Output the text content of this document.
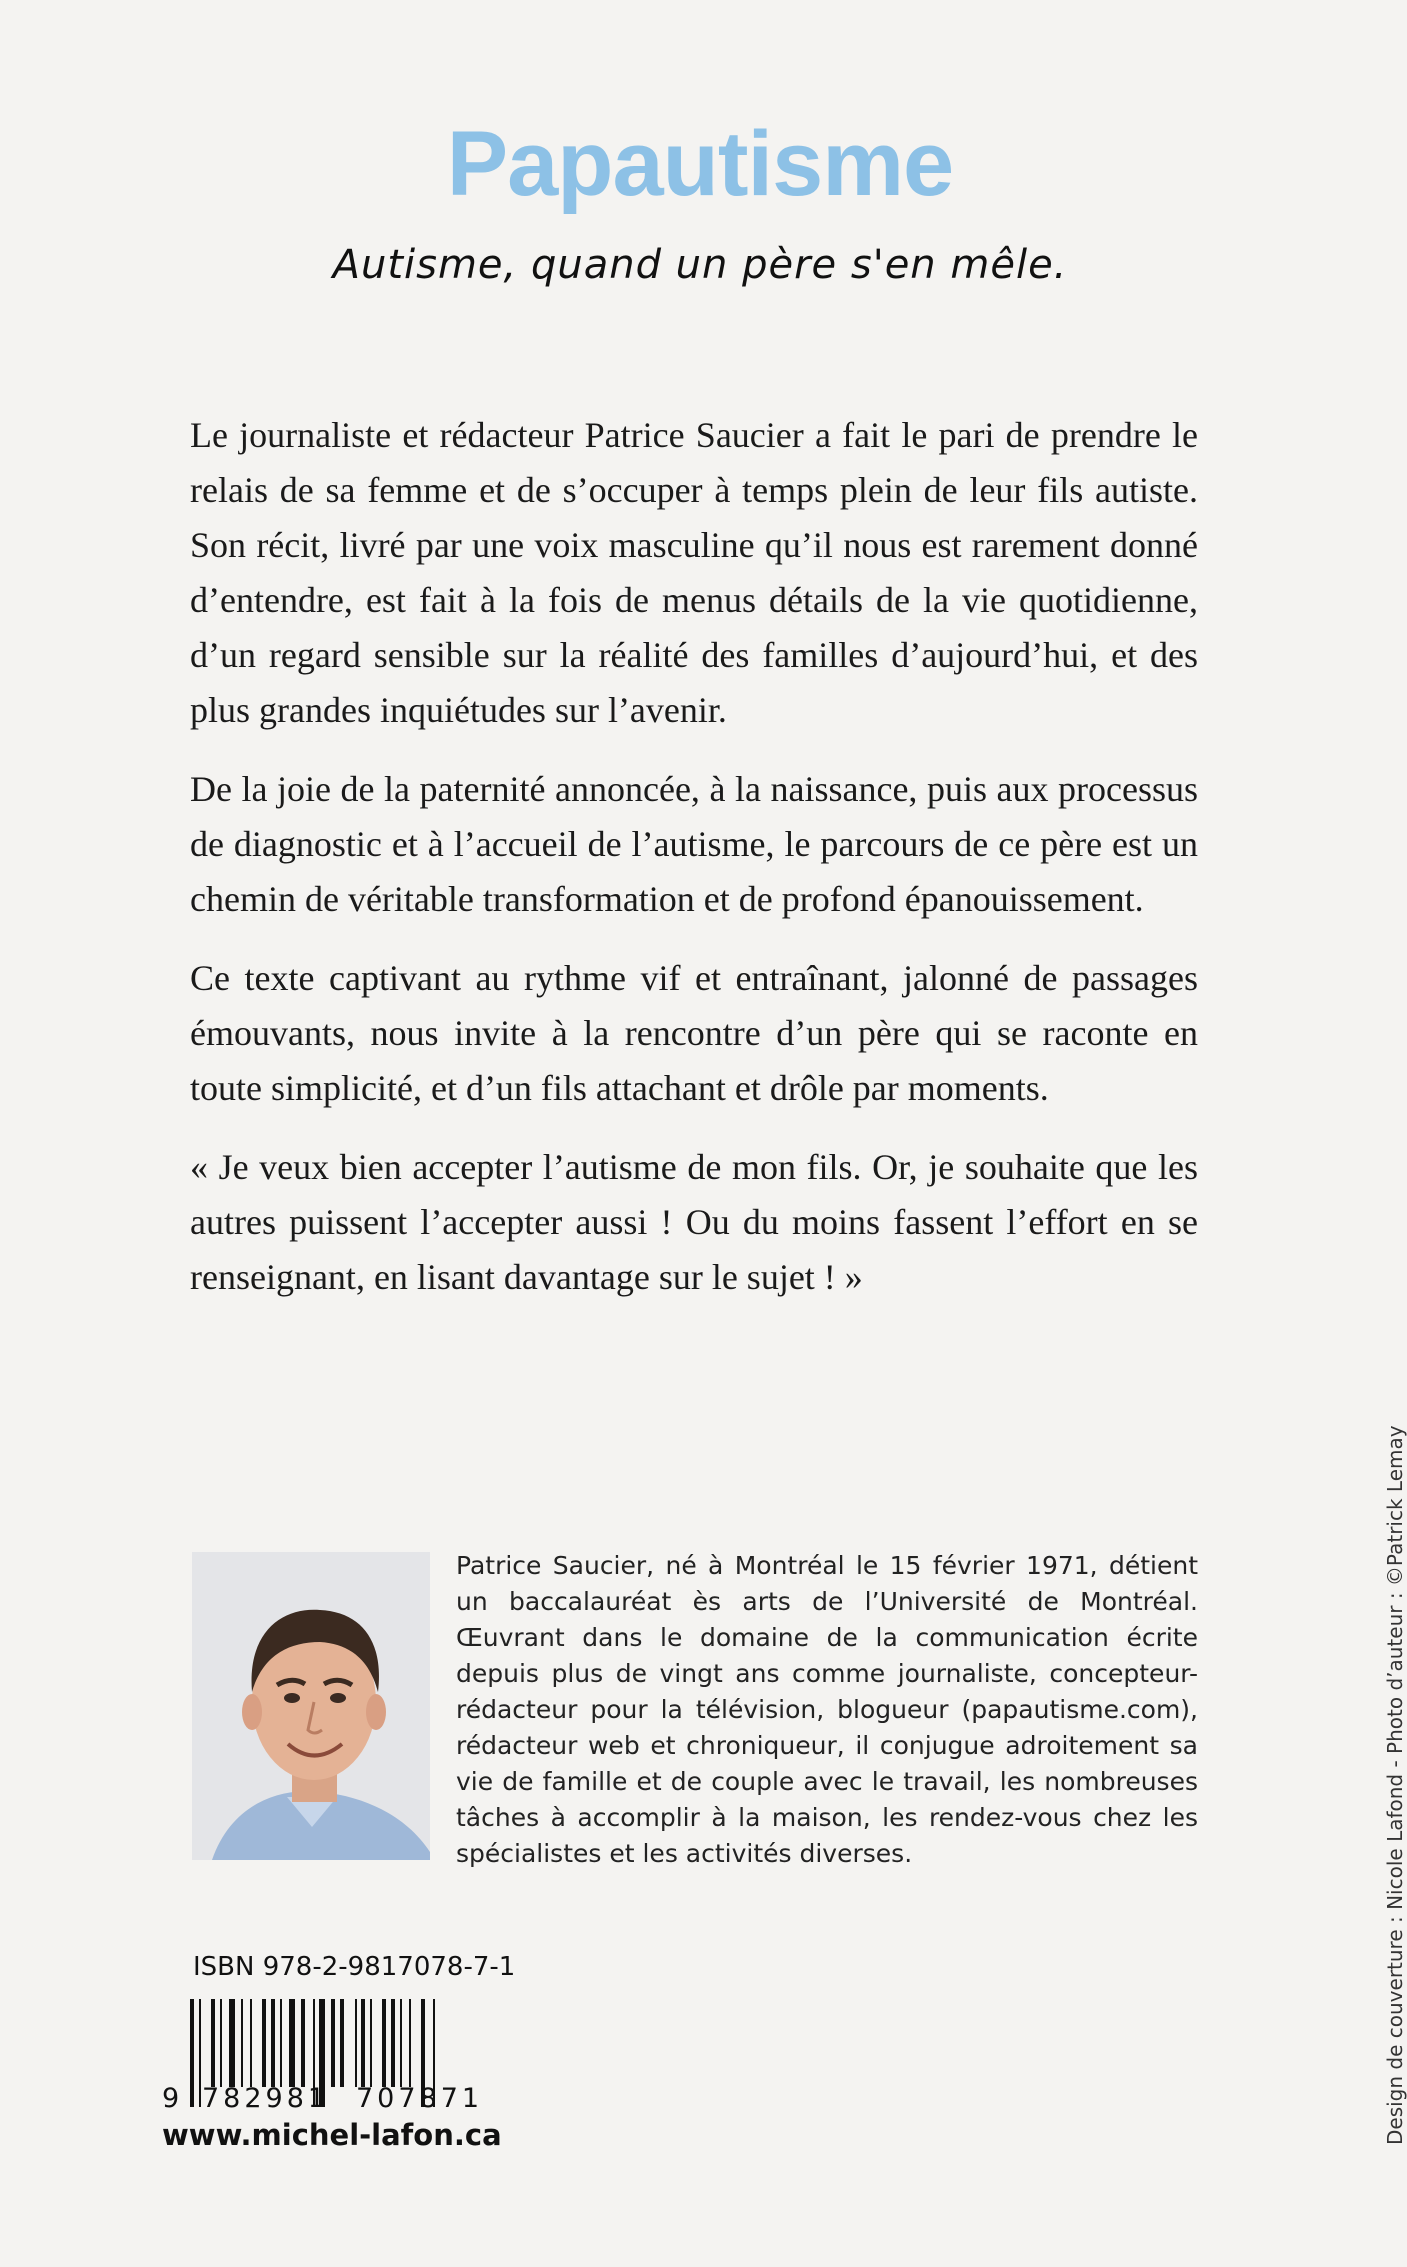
Papautisme
Autisme, quand un père s'en mêle.

Le journaliste et rédacteur Patrice Saucier a fait le pari de prendre le relais de sa femme et de s’occuper à temps plein de leur fils autiste. Son récit, livré par une voix masculine qu’il nous est rarement donné d’entendre, est fait à la fois de menus détails de la vie quotidienne, d’un regard sensible sur la réalité des familles d’aujourd’hui, et des plus grandes inquiétudes sur l’avenir.

De la joie de la paternité annoncée, à la naissance, puis aux processus de diagnostic et à l’accueil de l’autisme, le parcours de ce père est un chemin de véritable transformation et de profond épanouissement.

Ce texte captivant au rythme vif et entraînant, jalonné de passages émouvants, nous invite à la rencontre d’un père qui se raconte en toute simplicité, et d’un fils attachant et drôle par moments.

« Je veux bien accepter l’autisme de mon fils. Or, je souhaite que les autres puissent l’accepter aussi ! Ou du moins fassent l’effort en se renseignant, en lisant davantage sur le sujet ! »

Patrice Saucier, né à Montréal le 15 février 1971, détient un baccalauréat ès arts de l’Université de Montréal. Œuvrant dans le domaine de la communication écrite depuis plus de vingt ans comme journaliste, concepteur-rédacteur pour la télévision, blogueur (papautisme.com), rédacteur web et chroniqueur, il conjugue adroitement sa vie de famille et de couple avec le travail, les nombreuses tâches à accomplir à la maison, les rendez-vous chez les spécialistes et les activités diverses.
ISBN 978-2-9817078-7-1
9 782981 707871
www.michel-lafon.ca	Design de couverture : Nicole Lafond - Photo d’auteur : ©Patrick Lemay
